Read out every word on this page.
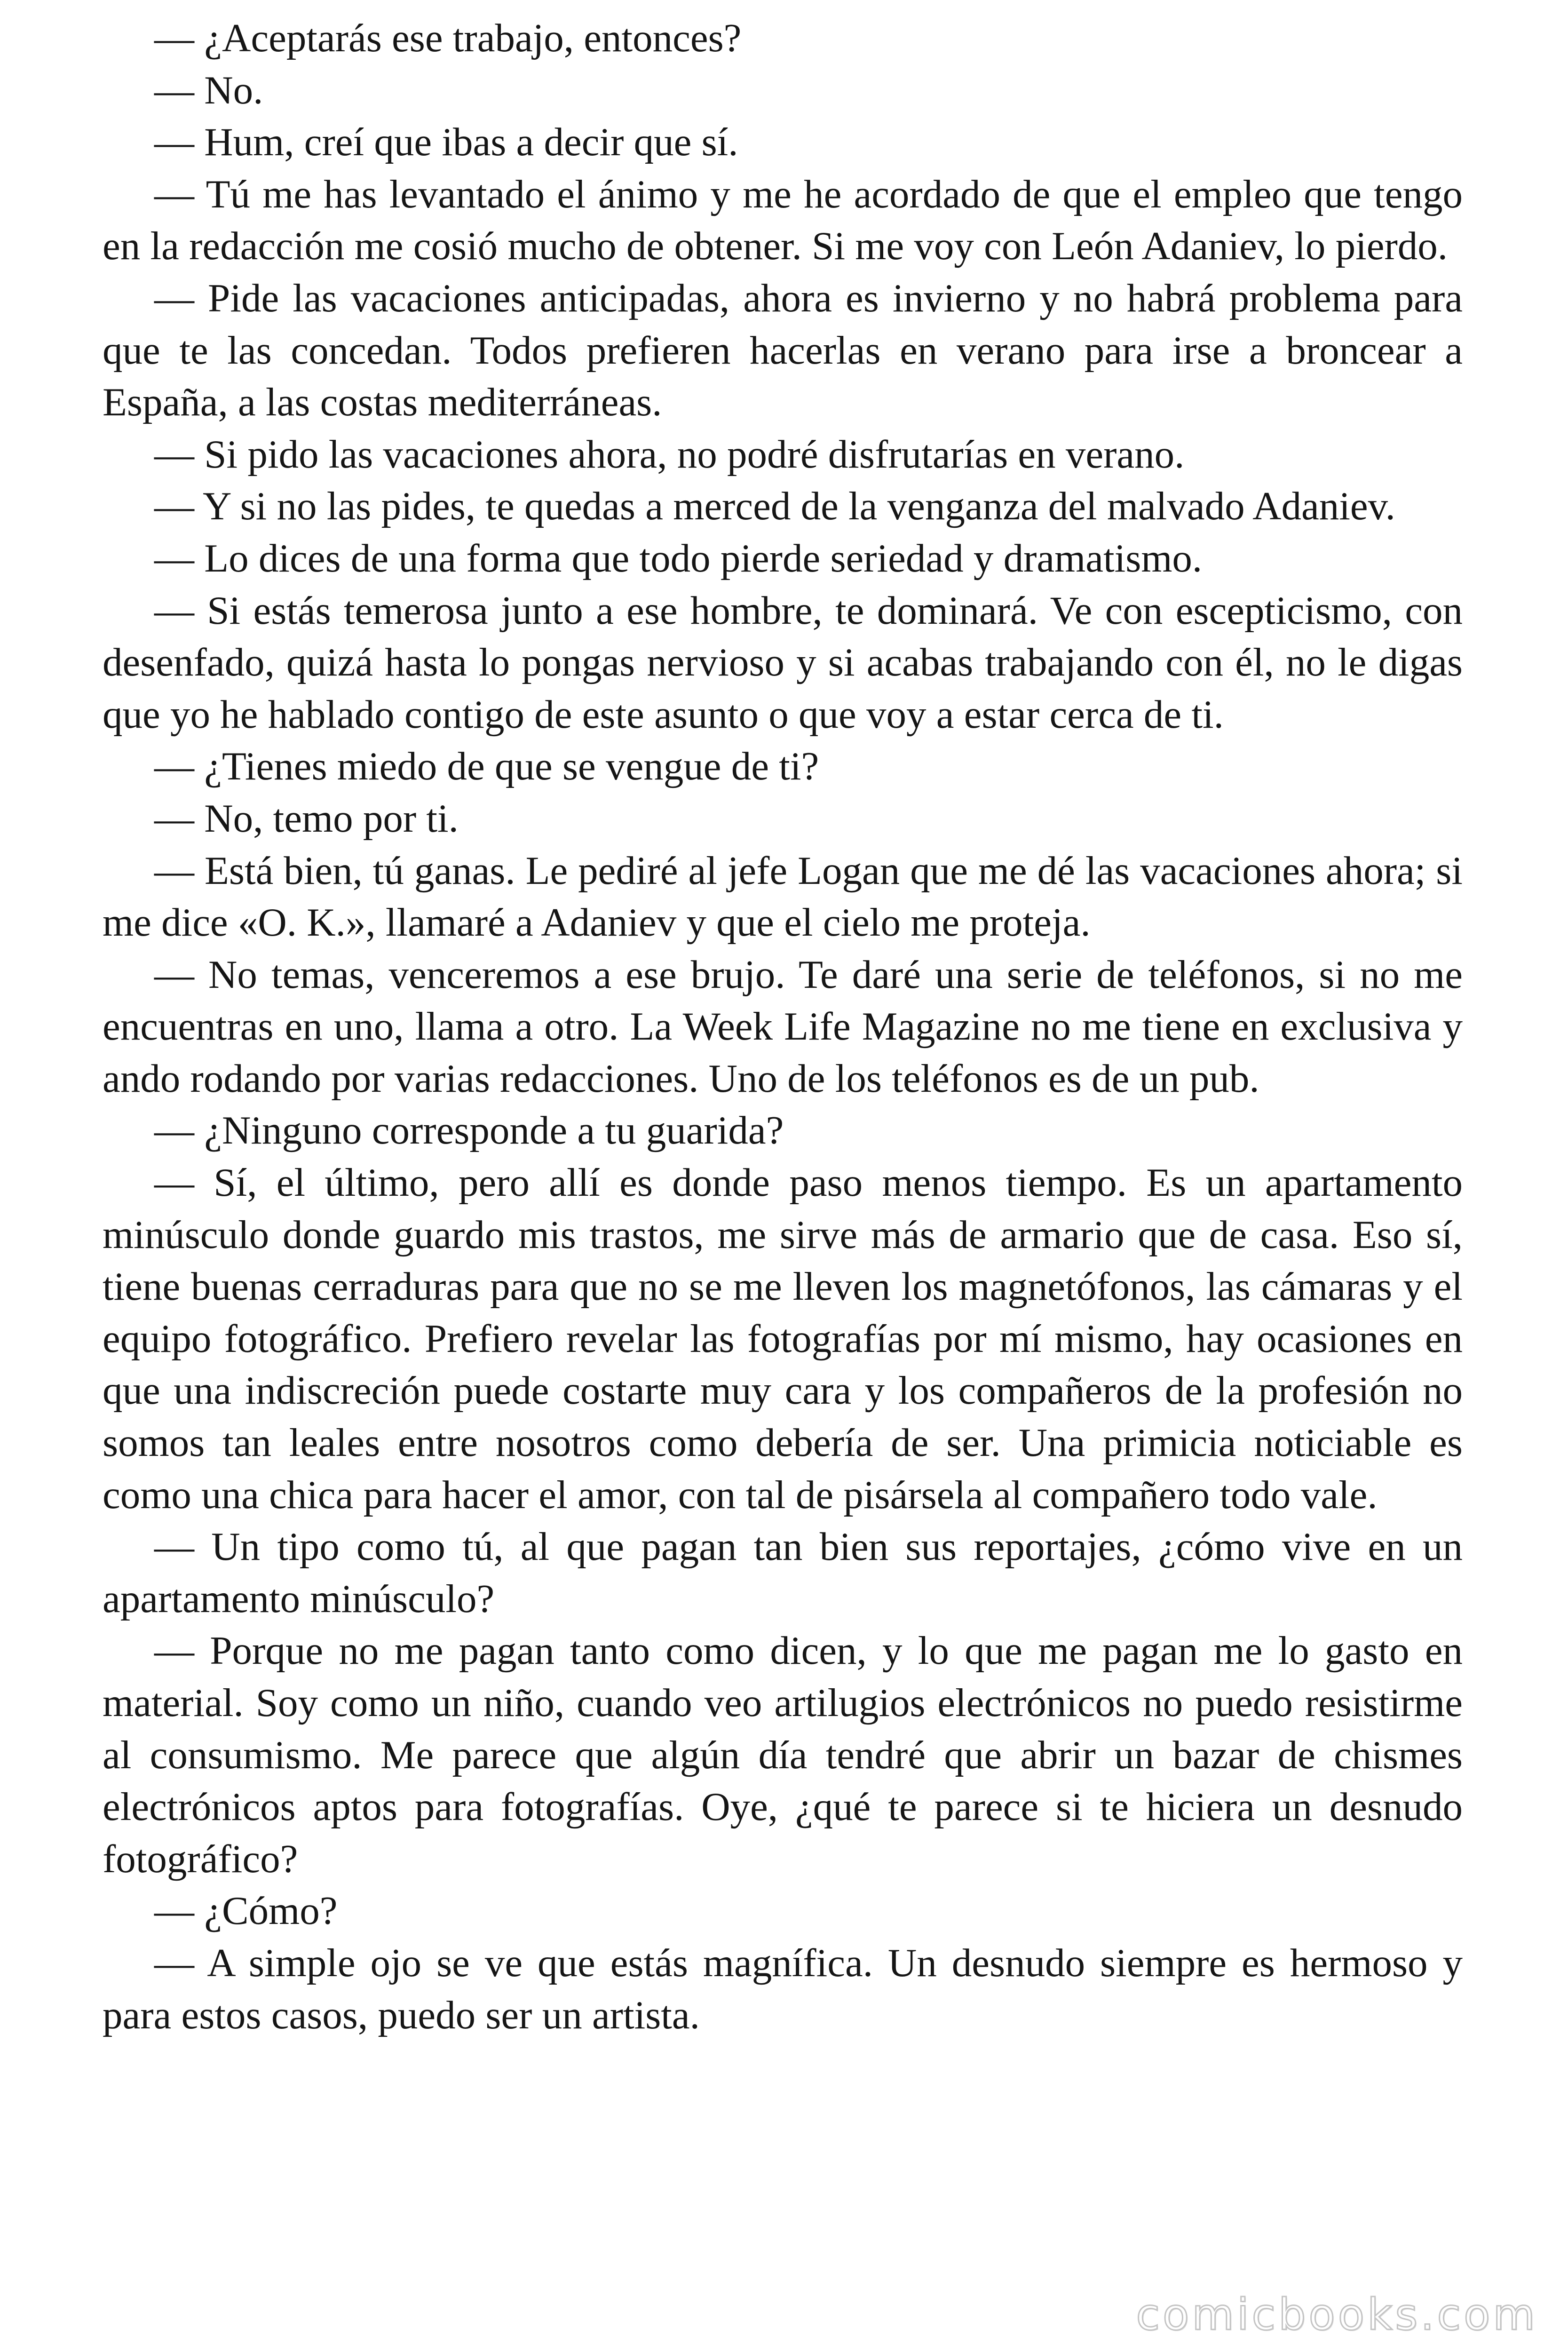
— ¿Aceptarás ese trabajo, entonces?

— No.

— Hum, creí que ibas a decir que sí.

— Tú me has levantado el ánimo y me he acordado de que el empleo que tengo en la redacción me cosió mucho de obtener. Si me voy con León Adaniev, lo pierdo.

— Pide las vacaciones anticipadas, ahora es invierno y no habrá problema para que te las concedan. Todos prefieren hacerlas en verano para irse a broncear a España, a las costas mediterráneas.

— Si pido las vacaciones ahora, no podré disfrutarías en verano.

— Y si no las pides, te quedas a merced de la venganza del malvado Adaniev.

— Lo dices de una forma que todo pierde seriedad y dramatismo.

— Si estás temerosa junto a ese hombre, te dominará. Ve con escepticismo, con desenfado, quizá hasta lo pongas nervioso y si acabas trabajando con él, no le digas que yo he hablado contigo de este asunto o que voy a estar cerca de ti.

— ¿Tienes miedo de que se vengue de ti?

— No, temo por ti.

— Está bien, tú ganas. Le pediré al jefe Logan que me dé las vacaciones ahora; si me dice «O. K.», llamaré a Adaniev y que el cielo me proteja.

— No temas, venceremos a ese brujo. Te daré una serie de teléfonos, si no me encuentras en uno, llama a otro. La Week Life Magazine no me tiene en exclusiva y ando rodando por varias redacciones. Uno de los teléfonos es de un pub.

— ¿Ninguno corresponde a tu guarida?

— Sí, el último, pero allí es donde paso menos tiempo. Es un apartamento minúsculo donde guardo mis trastos, me sirve más de armario que de casa. Eso sí, tiene buenas cerraduras para que no se me lleven los magnetófonos, las cámaras y el equipo fotográfico. Prefiero revelar las fotografías por mí mismo, hay ocasiones en que una indiscreción puede costarte muy cara y los compañeros de la profesión no somos tan leales entre nosotros como debería de ser. Una primicia noticiable es como una chica para hacer el amor, con tal de pisársela al compañero todo vale.

— Un tipo como tú, al que pagan tan bien sus reportajes, ¿cómo vive en un apartamento minúsculo?

— Porque no me pagan tanto como dicen, y lo que me pagan me lo gasto en material. Soy como un niño, cuando veo artilugios electrónicos no puedo resistirme al consumismo. Me parece que algún día tendré que abrir un bazar de chismes electrónicos aptos para fotografías. Oye, ¿qué te parece si te hiciera un desnudo fotográfico?

— ¿Cómo?

— A simple ojo se ve que estás magnífica. Un desnudo siempre es hermoso y para estos casos, puedo ser un artista.

comicbooks.com
